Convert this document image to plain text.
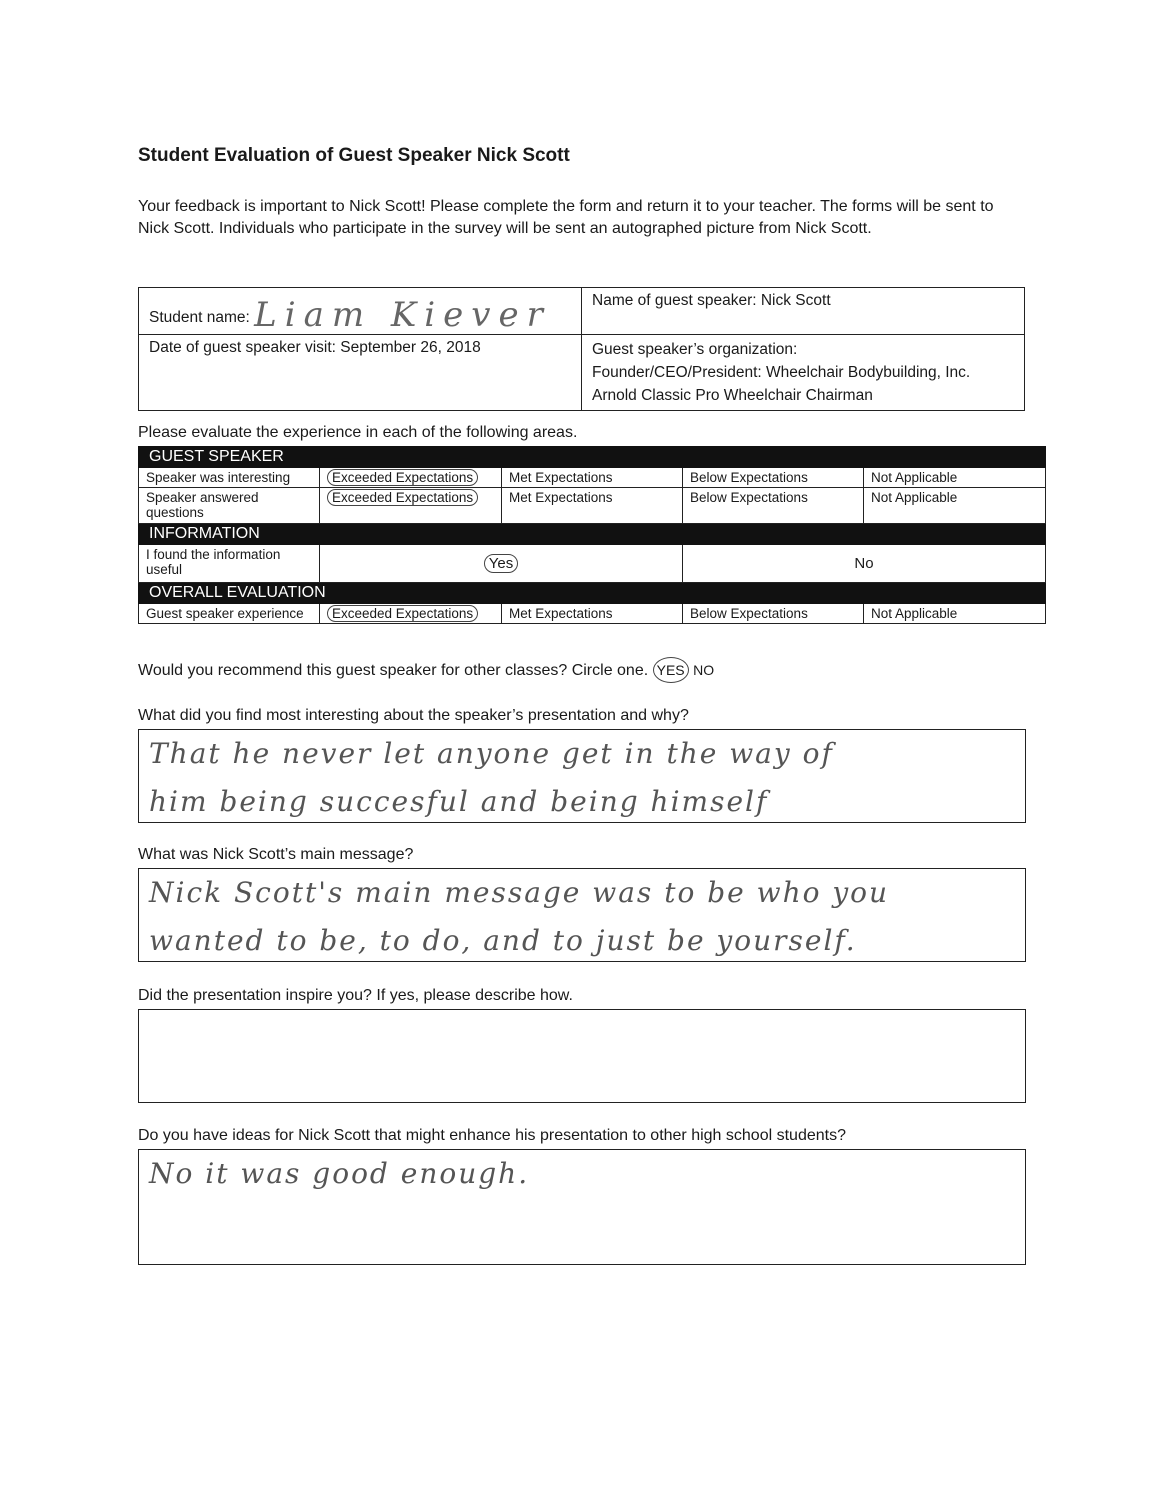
Student Evaluation of Guest Speaker Nick Scott
Your feedback is important to Nick Scott! Please complete the form and return it to your teacher. The forms will be sent to Nick Scott. Individuals who participate in the survey will be sent an autographed picture from Nick Scott.
Student name: Liam Kiever	Name of guest speaker: Nick Scott
Date of guest speaker visit: September 26, 2018	Guest speaker’s organization:
Founder/CEO/President: Wheelchair Bodybuilding, Inc.
Arnold Classic Pro Wheelchair Chairman
Please evaluate the experience in each of the following areas.
GUEST SPEAKER				
Speaker was interesting	Exceeded Expectations	Met Expectations	Below Expectations	Not Applicable
Speaker answered questions	Exceeded Expectations	Met Expectations	Below Expectations	Not Applicable
INFORMATION				
I found the information useful	Yes		No	
OVERALL EVALUATION				
Guest speaker experience	Exceeded Expectations	Met Expectations	Below Expectations	Not Applicable
Would you recommend this guest speaker for other classes? Circle one. YES NO
What did you find most interesting about the speaker’s presentation and why?
That he never let anyone get in the way of
him being succesful and being himself
What was Nick Scott’s main message?
Nick Scott's main message was to be who you
wanted to be, to do, and to just be yourself.
Did the presentation inspire you? If yes, please describe how.
Do you have ideas for Nick Scott that might enhance his presentation to other high school students?
No it was good enough.
